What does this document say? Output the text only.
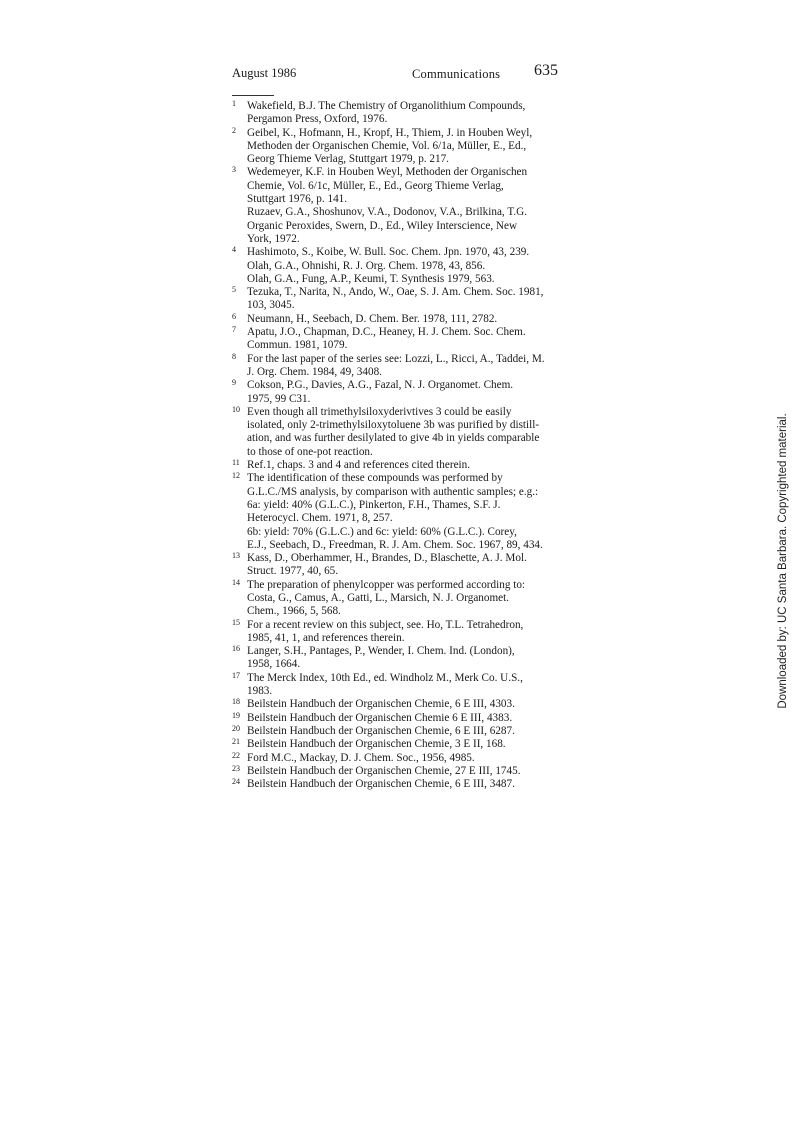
August 1986	Communications 635
1 Wakefield, B.J. The Chemistry of Organolithium Compounds,
Pergamon Press, Oxford, 1976.
2 Geibel, K., Hofmann, H., Kropf, H., Thiem, J. in Houben Weyl,
Methoden der Organischen Chemie, Vol. 6/1a, Müller, E., Ed.,
Georg Thieme Verlag, Stuttgart 1979, p. 217.
3 Wedemeyer, K.F. in Houben Weyl, Methoden der Organischen
Chemie, Vol. 6/1c, Müller, E., Ed., Georg Thieme Verlag,
Stuttgart 1976, p. 141.
Ruzaev, G.A., Shoshunov, V.A., Dodonov, V.A., Brilkina, T.G.
Organic Peroxides, Swern, D., Ed., Wiley Interscience, New
York, 1972.
4 Hashimoto, S., Koibe, W. Bull. Soc. Chem. Jpn. 1970, 43, 239.
Olah, G.A., Ohnishi, R. J. Org. Chem. 1978, 43, 856.
Olah, G.A., Fung, A.P., Keumi, T. Synthesis 1979, 563.
5 Tezuka, T., Narita, N., Ando, W., Oae, S. J. Am. Chem. Soc. 1981,
103, 3045.
6 Neumann, H., Seebach, D. Chem. Ber. 1978, 111, 2782.
7 Apatu, J.O., Chapman, D.C., Heaney, H. J. Chem. Soc. Chem.
Commun. 1981, 1079.
8 For the last paper of the series see: Lozzi, L., Ricci, A., Taddei, M.
J. Org. Chem. 1984, 49, 3408.
9 Cokson, P.G., Davies, A.G., Fazal, N. J. Organomet. Chem.
1975, 99 C31.
10 Even though all trimethylsiloxyderivtives 3 could be easily
isolated, only 2-trimethylsiloxytoluene 3b was purified by distill-
ation, and was further desilylated to give 4b in yields comparable
to those of one-pot reaction.
11 Ref.1, chaps. 3 and 4 and references cited therein.
12 The identification of these compounds was performed by
G.L.C./MS analysis, by comparison with authentic samples; e.g.:
6a: yield: 40% (G.L.C.), Pinkerton, F.H., Thames, S.F. J.
Heterocycl. Chem. 1971, 8, 257.
6b: yield: 70% (G.L.C.) and 6c: yield: 60% (G.L.C.). Corey,
E.J., Seebach, D., Freedman, R. J. Am. Chem. Soc. 1967, 89, 434.
13 Kass, D., Oberhammer, H., Brandes, D., Blaschette, A. J. Mol.
Struct. 1977, 40, 65.
14 The preparation of phenylcopper was performed according to:
Costa, G., Camus, A., Gatti, L., Marsich, N. J. Organomet.
Chem., 1966, 5, 568.
15 For a recent review on this subject, see. Ho, T.L. Tetrahedron,
1985, 41, 1, and references therein.
16 Langer, S.H., Pantages, P., Wender, I. Chem. Ind. (London),
1958, 1664.
17 The Merck Index, 10th Ed., ed. Windholz M., Merk Co. U.S.,
1983.
18 Beilstein Handbuch der Organischen Chemie, 6 E III, 4303.
19 Beilstein Handbuch der Organischen Chemie 6 E III, 4383.
20 Beilstein Handbuch der Organischen Chemie, 6 E III, 6287.
21 Beilstein Handbuch der Organischen Chemie, 3 E II, 168.
22 Ford M.C., Mackay, D. J. Chem. Soc., 1956, 4985.
23 Beilstein Handbuch der Organischen Chemie, 27 E III, 1745.
24 Beilstein Handbuch der Organischen Chemie, 6 E III, 3487.
Downloaded by: UC Santa Barbara. Copyrighted material.
